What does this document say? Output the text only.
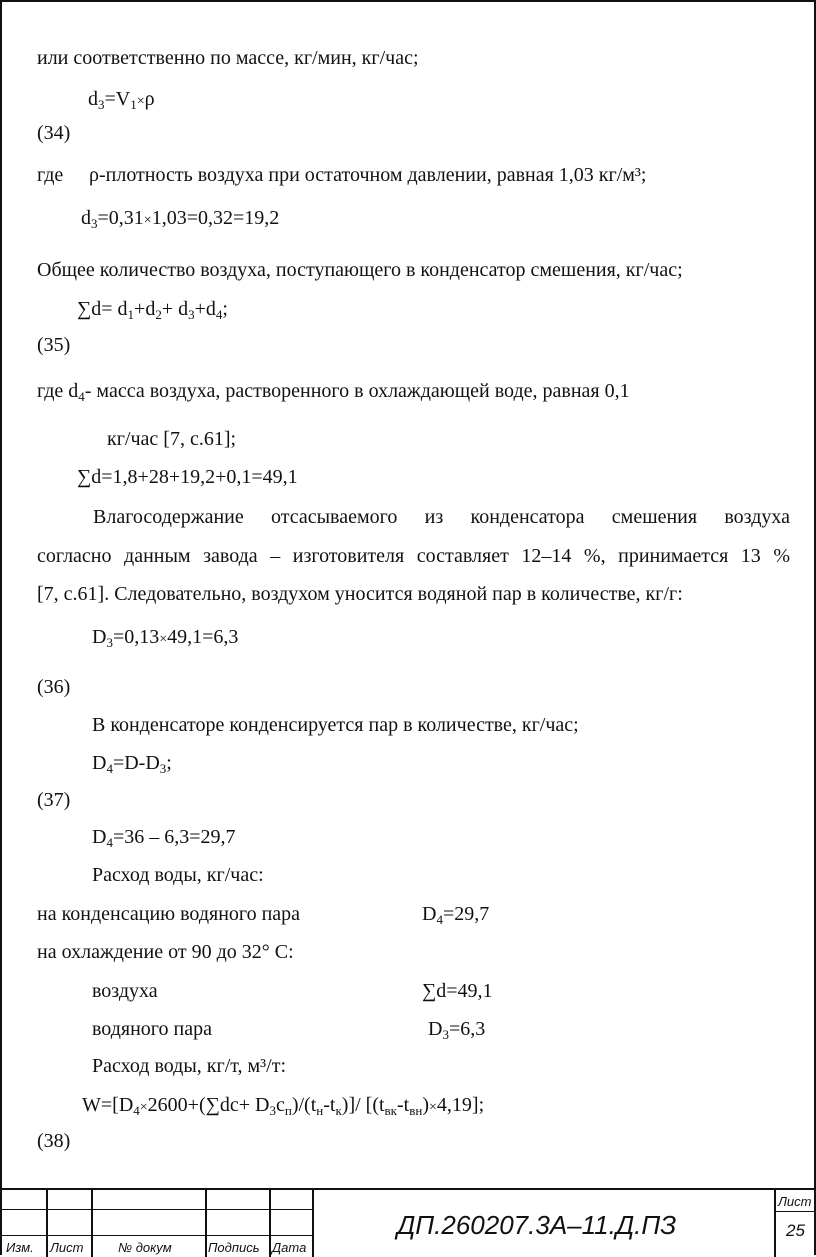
или соответственно по массе, кг/мин, кг/час;
$d_3=V_1\times\rho$
(34)
где ρ-плотность воздуха при остаточном давлении, равная 1,03 кг/м³;
$d_3=0,31\times 1,03=0,32=19,2$
Общее количество воздуха, поступающего в конденсатор смешения, кг/час;
$\sum d= d_1+d_2+ d_3+d_4$;
(35)
где $d_4-$ масса воздуха, растворенного в охлаждающей воде, равная 0,1
кг/час [7, с.61];
∑d=1,8+28+19,2+0,1=49,1
Влагосодержание отсасываемого из конденсатора смешения воздуха
согласно данным завода – изготовителя составляет 12–14 %, принимается 13 %
[7, с.61]. Следовательно, воздухом уносится водяной пар в количестве, кг/г:
$D_3=0,13\times 49,1=6,3$
(36)
В конденсаторе конденсируется пар в количестве, кг/час;
$D_4=D-D_3$;
(37)
$D_4=36 - 6,3=29,7$
Расход воды, кг/час:
на конденсацию водяного пара	$D_4=29,7$
на охлаждение от 90 до 32° С:
воздуха	∑d=49,1
водяного пара	$D_3=6,3$
Расход воды, кг/т, м³/т:
$W=[D_4\times 2600+(\sum dc+ D_3c_п)/(t_н-t_к)]/$ $[(t_{вк}-t_{вн})\times 4,19]$;
(38)
Изм. Лист	№ докум	Подпись Дата
ДП.260207.3А–11.Д.ПЗ
Лист
25
